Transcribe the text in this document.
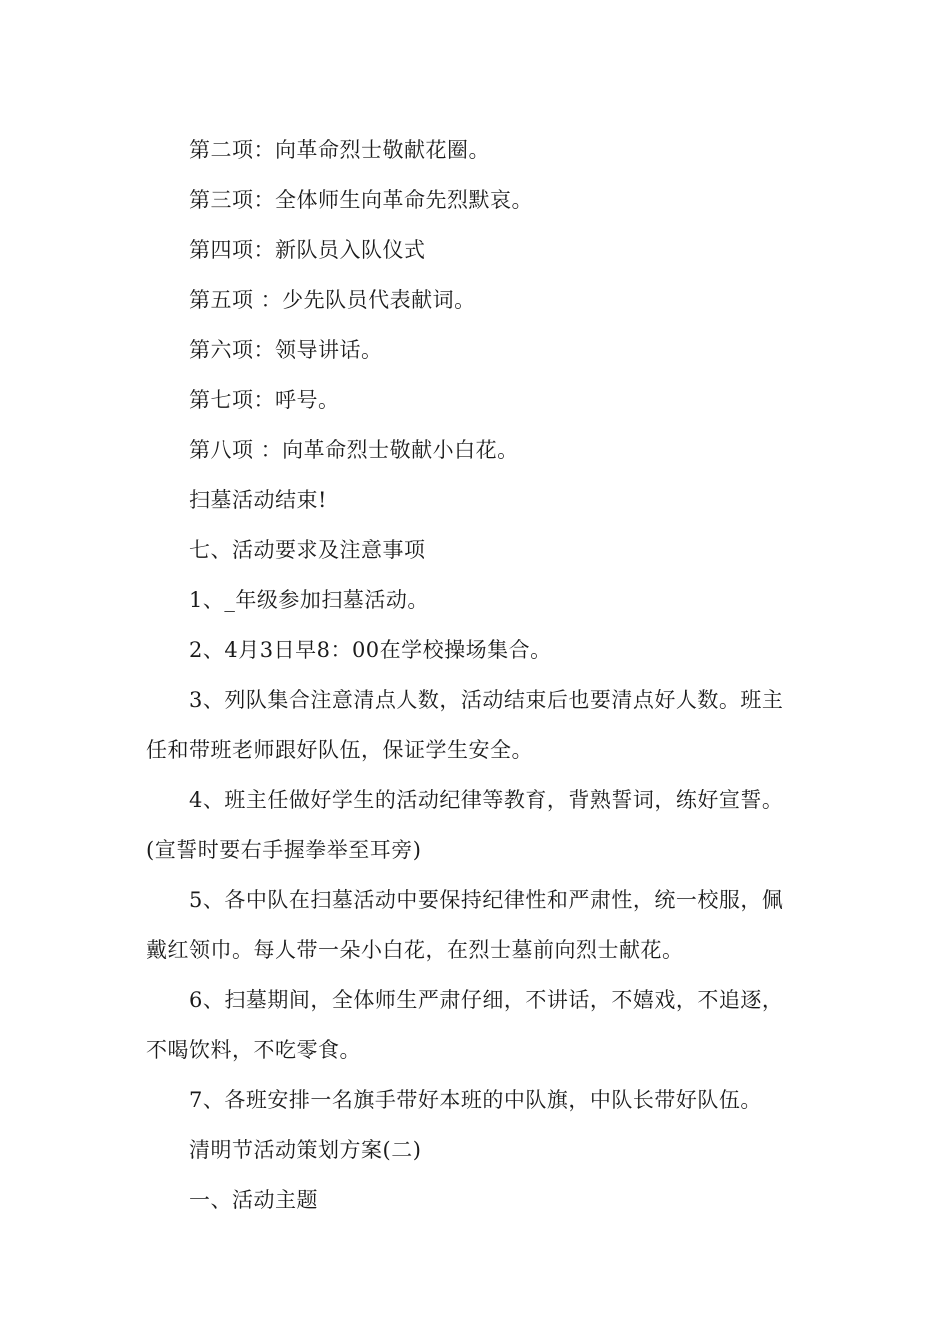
第二项：向革命烈士敬献花圈。
第三项：全体师生向革命先烈默哀。
第四项：新队员入队仪式
第五项 ：少先队员代表献词。
第六项：领导讲话。
第七项：呼号。
第八项 ：向革命烈士敬献小白花。
扫墓活动结束!
七、活动要求及注意事项
1、_年级参加扫墓活动。
2、4月3日早8：00在学校操场集合。
3、列队集合注意清点人数，活动结束后也要清点好人数。班主
任和带班老师跟好队伍，保证学生安全。
4、班主任做好学生的活动纪律等教育，背熟誓词，练好宣誓。
(宣誓时要右手握拳举至耳旁)
5、各中队在扫墓活动中要保持纪律性和严肃性，统一校服，佩
戴红领巾。每人带一朵小白花，在烈士墓前向烈士献花。
6、扫墓期间，全体师生严肃仔细，不讲话，不嬉戏，不追逐，
不喝饮料，不吃零食。
7、各班安排一名旗手带好本班的中队旗，中队长带好队伍。
清明节活动策划方案(二)
一、活动主题
